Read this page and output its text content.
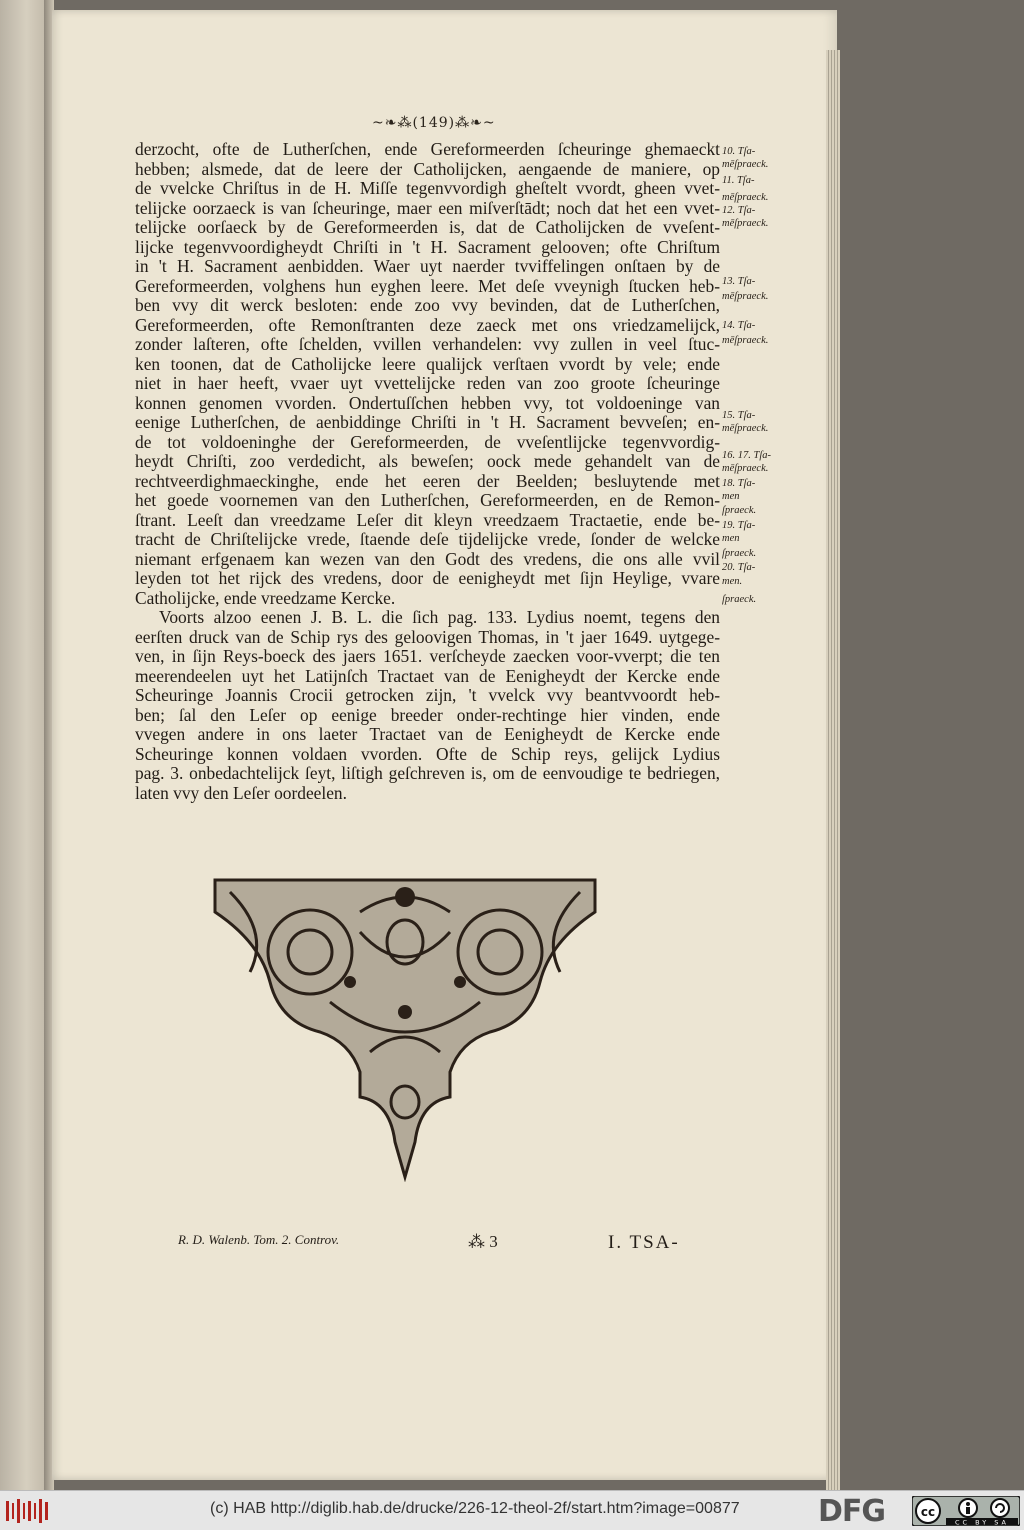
~❧⁂(149)⁂❧~
derzocht, ofte de Lutherſchen, ende Gereformeerden ſcheuringe ghemaeckt
hebben; alsmede, dat de leere der Catholijcken, aengaende de maniere, op
de vvelcke Chriſtus in de H. Miſſe tegenvvordigh gheſtelt vvordt, gheen vvet-
telijcke oorzaeck is van ſcheuringe, maer een miſverſtādt; noch dat het een vvet-
telijcke oorſaeck by de Gereformeerden is, dat de Catholijcken de vveſent-
lijcke tegenvvoordigheydt Chriſti in 't H. Sacrament gelooven; ofte Chriſtum
in 't H. Sacrament aenbidden. Waer uyt naerder tvviffelingen onſtaen by de
Gereformeerden, volghens hun eyghen leere. Met deſe vveynigh ſtucken heb-
ben vvy dit werck besloten: ende zoo vvy bevinden, dat de Lutherſchen,
Gereformeerden, ofte Remonſtranten deze zaeck met ons vriedzamelijck,
zonder laſteren, ofte ſchelden, vvillen verhandelen: vvy zullen in veel ſtuc-
ken toonen, dat de Catholijcke leere qualijck verſtaen vvordt by vele; ende
niet in haer heeft, vvaer uyt vvettelijcke reden van zoo groote ſcheuringe
konnen genomen vvorden. Ondertuſſchen hebben vvy, tot voldoeninge van
eenige Lutherſchen, de aenbiddinge Chriſti in 't H. Sacrament bevveſen; en-
de tot voldoeninghe der Gereformeerden, de vveſentlijcke tegenvvordig-
heydt Chriſti, zoo verdedicht, als beweſen; oock mede gehandelt van de
rechtveerdighmaeckinghe, ende het eeren der Beelden; besluytende met
het goede voornemen van den Lutherſchen, Gereformeerden, en de Remon-
ſtrant. Leeſt dan vreedzame Leſer dit kleyn vreedzaem Tractaetie, ende be-
tracht de Chriſtelijcke vrede, ſtaende deſe tijdelijcke vrede, ſonder de welcke
niemant erfgenaem kan wezen van den Godt des vredens, die ons alle vvil
leyden tot het rijck des vredens, door de eenigheydt met ſijn Heylige, vvare
Catholijcke, ende vreedzame Kercke.
Voorts alzoo eenen J. B. L. die ſich pag. 133. Lydius noemt, tegens den
eerſten druck van de Schip rys des geloovigen Thomas, in 't jaer 1649. uytgege-
ven, in ſijn Reys-boeck des jaers 1651. verſcheyde zaecken voor-vverpt; die ten
meerendeelen uyt het Latijnſch Tractaet van de Eenigheydt der Kercke ende
Scheuringe Joannis Crocii getrocken zijn, 't vvelck vvy beantvvoordt heb-
ben; ſal den Leſer op eenige breeder onder-rechtinge hier vinden, ende
vvegen andere in ons laeter Tractaet van de Eenigheydt de Kercke ende
Scheuringe konnen voldaen vvorden. Ofte de Schip reys, gelijck Lydius
pag. 3. onbedachtelijck ſeyt, liſtigh geſchreven is, om de eenvoudige te bedriegen,
laten vvy den Leſer oordeelen.
10. Tſa-
mēſpraeck.
11. Tſa-
mēſpraeck.
12. Tſa-
mēſpraeck.
13. Tſa-
mēſpraeck.
14. Tſa-
mēſpraeck.
15. Tſa-
mēſpraeck.
16. 17. Tſa-
mēſpraeck.
18. Tſa-
men
ſpraeck.
19. Tſa-
men
ſpraeck.
20. Tſa-
men.
ſpraeck.
R. D. Walenb. Tom. 2. Controv.	⁂ 3	I. TSA-
(c) HAB http://diglib.hab.de/drucke/226-12-theol-2f/start.htm?image=00877	DFG	cc
CC BY SA
